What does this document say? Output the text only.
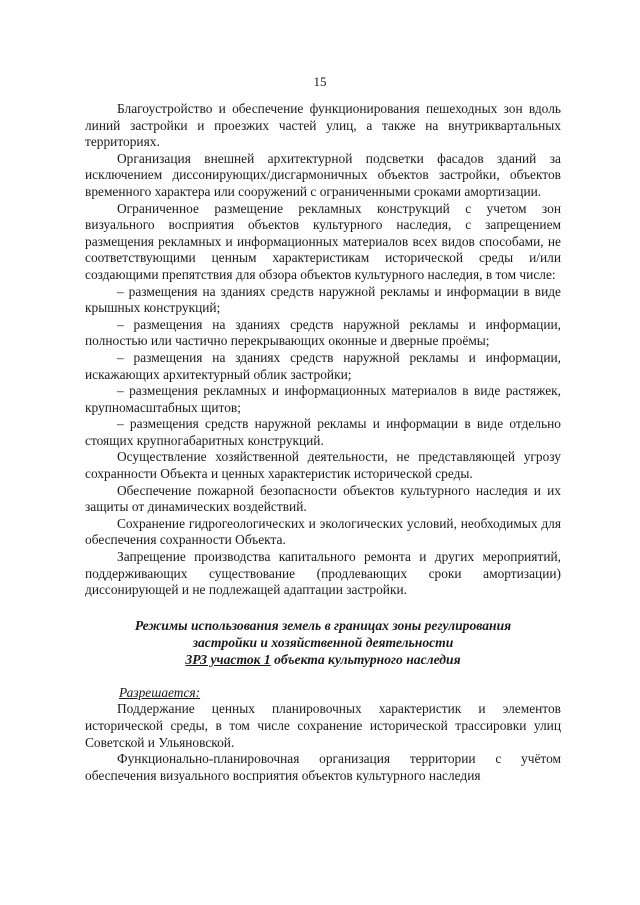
15

Благоустройство и обеспечение функционирования пешеходных зон вдоль линий застройки и проезжих частей улиц, а также на внутриквартальных территориях.

Организация внешней архитектурной подсветки фасадов зданий за исключением диссонирующих/дисгармоничных объектов застройки, объектов временного характера или сооружений с ограниченными сроками амортизации.

Ограниченное размещение рекламных конструкций с учетом зон визуального восприятия объектов культурного наследия, с запрещением размещения рекламных и информационных материалов всех видов способами, не соответствующими ценным характеристикам исторической среды и/или создающими препятствия для обзора объектов культурного наследия, в том числе:

– размещения на зданиях средств наружной рекламы и информации в виде крышных конструкций;

– размещения на зданиях средств наружной рекламы и информации, полностью или частично перекрывающих оконные и дверные проёмы;

– размещения на зданиях средств наружной рекламы и информации, искажающих архитектурный облик застройки;

– размещения рекламных и информационных материалов в виде растяжек, крупномасштабных щитов;

– размещения средств наружной рекламы и информации в виде отдельно стоящих крупногабаритных конструкций.

Осуществление хозяйственной деятельности, не представляющей угрозу сохранности Объекта и ценных характеристик исторической среды.

Обеспечение пожарной безопасности объектов культурного наследия и их защиты от динамических воздействий.

Сохранение гидрогеологических и экологических условий, необходимых для обеспечения сохранности Объекта.

Запрещение производства капитального ремонта и других мероприятий, поддерживающих существование (продлевающих сроки амортизации) диссонирующей и не подлежащей адаптации застройки.

Режимы использования земель в границах зоны регулирования
застройки и хозяйственной деятельности
ЗРЗ участок 1 объекта культурного наследия
Разрешается:

Поддержание ценных планировочных характеристик и элементов исторической среды, в том числе сохранение исторической трассировки улиц Советской и Ульяновской.

Функционально-планировочная организация территории с учётом обеспечения визуального восприятия объектов культурного наследия
